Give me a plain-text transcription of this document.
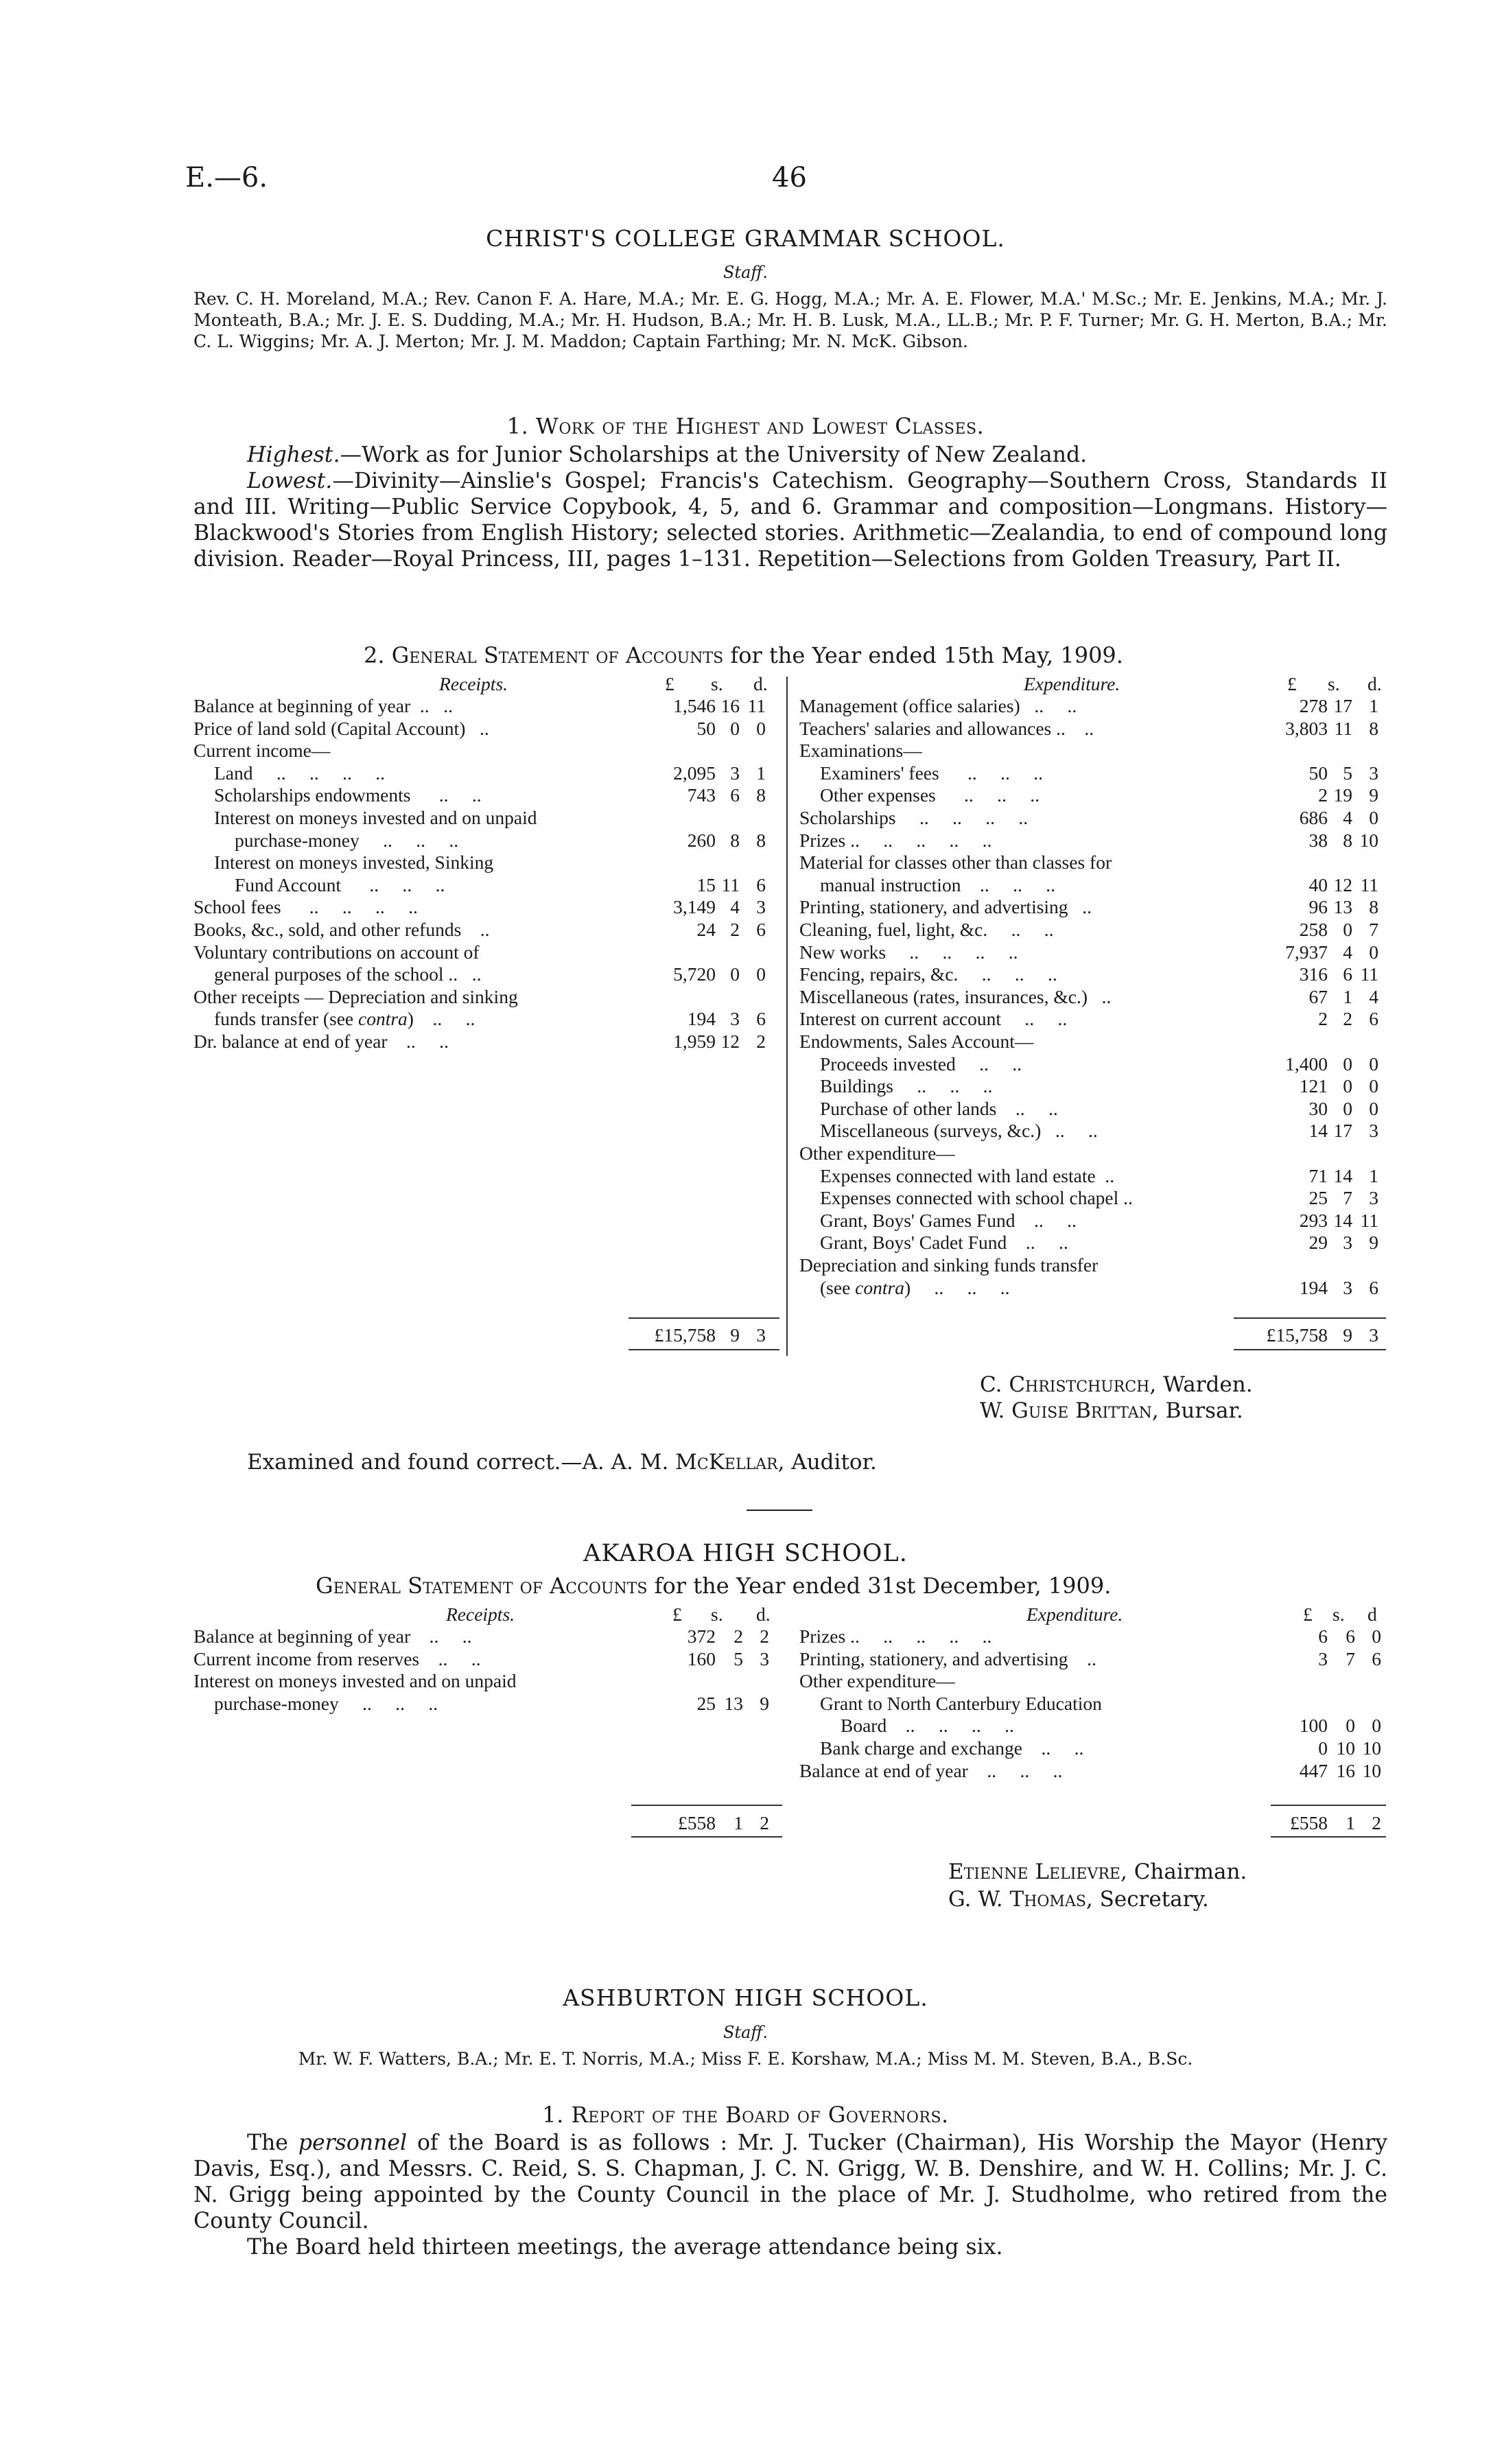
E.—6.	46
CHRIST'S COLLEGE GRAMMAR SCHOOL.
Staff.
Rev. C. H. Moreland, M.A.; Rev. Canon F. A. Hare, M.A.; Mr. E. G. Hogg, M.A.; Mr. A. E. Flower, M.A.' M.Sc.; Mr. E. Jenkins, M.A.; Mr. J. Monteath, B.A.; Mr. J. E. S. Dudding, M.A.; Mr. H. Hudson, B.A.; Mr. H. B. Lusk, M.A., LL.B.; Mr. P. F. Turner; Mr. G. H. Merton, B.A.; Mr. C. L. Wiggins; Mr. A. J. Merton; Mr. J. M. Maddon; Captain Farthing; Mr. N. McK. Gibson.
1. Work of the Highest and Lowest Classes.

Highest.—Work as for Junior Scholarships at the University of New Zealand.

Lowest.—Divinity—Ainslie's Gospel; Francis's Catechism. Geography—Southern Cross, Standards II and III. Writing—Public Service Copybook, 4, 5, and 6. Grammar and composition—Longmans. History—Blackwood's Stories from English History; selected stories. Arithmetic—Zealandia, to end of compound long division. Reader—Royal Princess, III, pages 1–131. Repetition—Selections from Golden Treasury, Part II.

2. General Statement of Accounts for the Year ended 15th May, 1909.
Receipts.	Expenditure.
£ s. d.	£ s. d.
Balance at beginning of year  ..   ..	1,546 16 11
Price of land sold (Capital Account)   ..	50 0 0
Current income—
Land     ..     ..     ..     ..	2,095 3 1
Scholarships endowments      ..     ..	743 6 8
Interest on moneys invested and on unpaid
purchase-money     ..     ..     ..	260 8 8
Interest on moneys invested, Sinking
Fund Account      ..     ..     ..	15 11 6
School fees      ..     ..     ..     ..	3,149 4 3
Books, &c., sold, and other refunds    ..	24 2 6
Voluntary contributions on account of
general purposes of the school ..   ..	5,720 0 0
Other receipts — Depreciation and sinking
funds transfer (see contra)    ..     ..	194 3 6
Dr. balance at end of year    ..     ..	1,959 12 2
Management (office salaries)   ..     ..	278 17 1
Teachers' salaries and allowances ..    ..	3,803 11 8
Examinations—
Examiners' fees      ..     ..     ..	50 5 3
Other expenses      ..     ..     ..	2 19 9
Scholarships     ..     ..     ..     ..	686 4 0
Prizes ..     ..     ..     ..     ..	38 8 10
Material for classes other than classes for
manual instruction    ..     ..     ..	40 12 11
Printing, stationery, and advertising   ..	96 13 8
Cleaning, fuel, light, &c.     ..     ..	258 0 7
New works     ..     ..     ..     ..	7,937 4 0
Fencing, repairs, &c.     ..     ..     ..	316 6 11
Miscellaneous (rates, insurances, &c.)   ..	67 1 4
Interest on current account     ..     ..	2 2 6
Endowments, Sales Account—
Proceeds invested     ..     ..	1,400 0 0
Buildings     ..     ..     ..	121 0 0
Purchase of other lands    ..     ..	30 0 0
Miscellaneous (surveys, &c.)   ..     ..	14 17 3
Other expenditure—
Expenses connected with land estate  ..	71 14 1
Expenses connected with school chapel ..	25 7 3
Grant, Boys' Games Fund    ..     ..	293 14 11
Grant, Boys' Cadet Fund    ..     ..	29 3 9
Depreciation and sinking funds transfer
(see contra)     ..     ..     ..	194 3 6
£15,758 9 3	£15,758 9 3
C. Christchurch, Warden.
W. Guise Brittan, Bursar.
Examined and found correct.—A. A. M. McKellar, Auditor.
AKAROA HIGH SCHOOL.
General Statement of Accounts for the Year ended 31st December, 1909.
Receipts.	Expenditure.
£ s. d.	£ s. d
Balance at beginning of year    ..     ..	372 2 2
Current income from reserves    ..     ..	160 5 3
Interest on moneys invested and on unpaid
purchase-money     ..     ..     ..	25 13 9
Prizes ..     ..     ..     ..     ..	6 6 0
Printing, stationery, and advertising    ..	3 7 6
Other expenditure—
Grant to North Canterbury Education
Board    ..     ..     ..     ..	100 0 0
Bank charge and exchange    ..     ..	0 10 10
Balance at end of year    ..     ..     ..	447 16 10
£558 1 2	£558 1 2
Etienne Lelievre, Chairman.
G. W. Thomas, Secretary.
ASHBURTON HIGH SCHOOL.
Staff.
Mr. W. F. Watters, B.A.; Mr. E. T. Norris, M.A.; Miss F. E. Korshaw, M.A.; Miss M. M. Steven, B.A., B.Sc.
1. Report of the Board of Governors.

The personnel of the Board is as follows : Mr. J. Tucker (Chairman), His Worship the Mayor (Henry Davis, Esq.), and Messrs. C. Reid, S. S. Chapman, J. C. N. Grigg, W. B. Denshire, and W. H. Collins; Mr. J. C. N. Grigg being appointed by the County Council in the place of Mr. J. Studholme, who retired from the County Council.

The Board held thirteen meetings, the average attendance being six.
